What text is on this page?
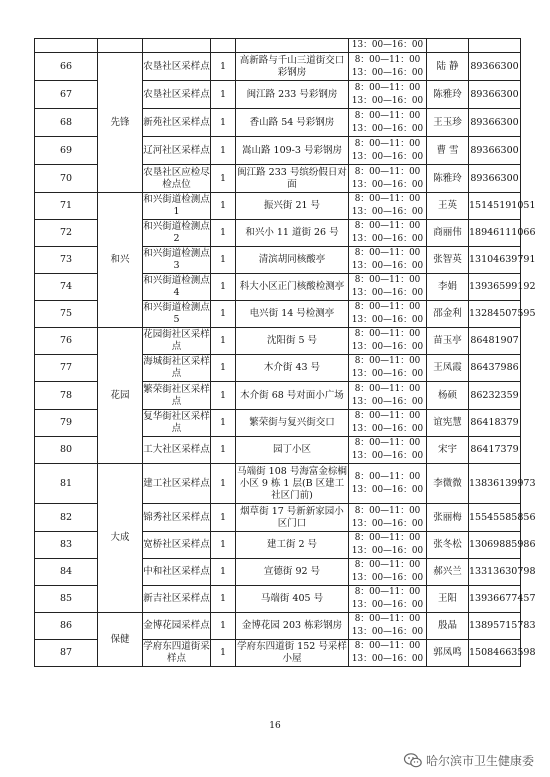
					13：00—16：00		
66	先锋	农垦社区采样点	1	高新路与千山三道街交口彩钢房	8：00—11：00
13：00—16：00	陆 静	89366300
67		农垦社区采样点	1	闽江路 233 号彩钢房	8：00—11：00
13：00—16：00	陈雅玲	89366300
68		新苑社区采样点	1	香山路 54 号彩钢房	8：00—11：00
13：00—16：00	王玉珍	89366300
69		辽河社区采样点	1	嵩山路 109-3 号彩钢房	8：00—11：00
13：00—16：00	曹 雪	89366300
70		农垦社区应检尽检点位	1	闽江路 233 号缤纷假日对面	8：00—11：00
13：00—16：00	陈雅玲	89366300
71	和兴	和兴街道检测点 1	1	振兴街 21 号	8：00—11：00
13：00—16：00	王英	15145191051
72		和兴街道检测点 2	1	和兴小 11 道街 26 号	8：00—11：00
13：00—16：00	商丽伟	18946111066
73		和兴街道检测点 3	1	清滨胡同核酸亭	8：00—11：00
13：00—16：00	张智英	13104639791
74		和兴街道检测点 4	1	科大小区正门核酸检测亭	8：00—11：00
13：00—16：00	李娟	13936599192
75		和兴街道检测点 5	1	电兴街 14 号检测亭	8：00—11：00
13：00—16：00	邵金利	13284507595
76	花园	花园街社区采样点	1	沈阳街 5 号	8：00—11：00
13：00—16：00	苗玉亭	86481907
77		海城街社区采样点	1	木介街 43 号	8：00—11：00
13：00—16：00	王凤霞	86437986
78		繁荣街社区采样点	1	木介街 68 号对面小广场	8：00—11：00
13：00—16：00	杨硕	86232359
79		复华街社区采样点	1	繁荣街与复兴街交口	8：00—11：00
13：00—16：00	谊宪慧	86418379
80		工大社区采样点	1	园丁小区	8：00—11：00
13：00—16：00	宋宇	86417379
81	大成	建工社区采样点	1	马端街 108 号海富金棕榈小区 9 栋 1 层(B 区建工社区门前)	8：00—11：00
13：00—16：00	李微微	13836139973
82		锦秀社区采样点	1	烟草街 17 号新新家园小区门口	8：00—11：00
13：00—16：00	张丽梅	15545585856
83		宽桥社区采样点	1	建工街 2 号	8：00—11：00
13：00—16：00	张冬松	13069885986
84		中和社区采样点	1	宣德街 92 号	8：00—11：00
13：00—16：00	郝兴兰	13313630798
85		新吉社区采样点	1	马端街 405 号	8：00—11：00
13：00—16：00	王阳	13936677457
86	保健	金博花园采样点	1	金博花园 203 栋彩钢房	8：00—11：00
13：00—16：00	殷晶	13895715783
87		学府东四道街采样点	1	学府东四道街 152 号采样小屋	8：00—11：00
13：00—16：00	郭凤鸣	15084663598
16
哈尔滨市卫生健康委
